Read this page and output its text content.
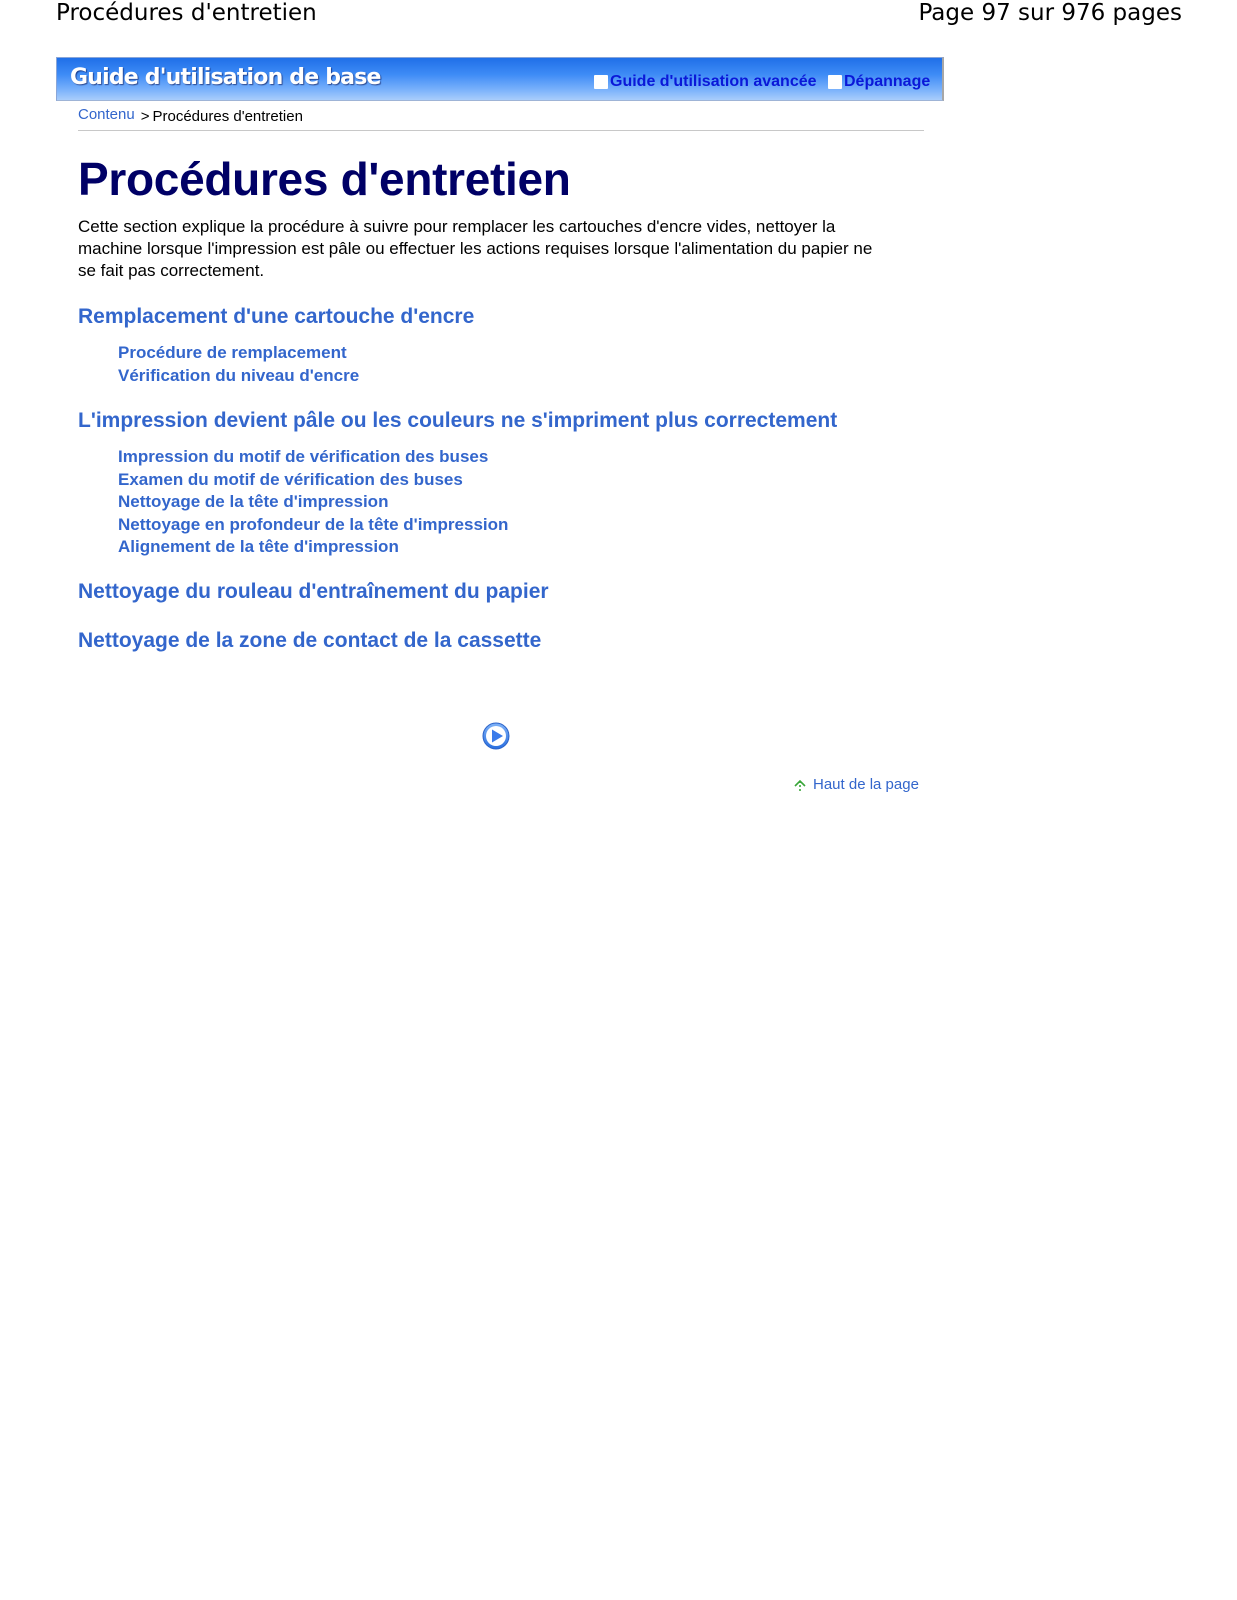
Procédures d'entretien	Page 97 sur 976 pages
Guide d'utilisation de base	Guide d'utilisation avancée Dépannage
Contenu > Procédures d'entretien
Procédures d'entretien

Cette section explique la procédure à suivre pour remplacer les cartouches d'encre vides, nettoyer la machine lorsque l'impression est pâle ou effectuer les actions requises lorsque l'alimentation du papier ne se fait pas correctement.

Remplacement d'une cartouche d'encre
Procédure de remplacement
Vérification du niveau d'encre
L'impression devient pâle ou les couleurs ne s'impriment plus correctement
Impression du motif de vérification des buses
Examen du motif de vérification des buses
Nettoyage de la tête d'impression
Nettoyage en profondeur de la tête d'impression
Alignement de la tête d'impression
Nettoyage du rouleau d'entraînement du papier
Nettoyage de la zone de contact de la cassette
Haut de la page
